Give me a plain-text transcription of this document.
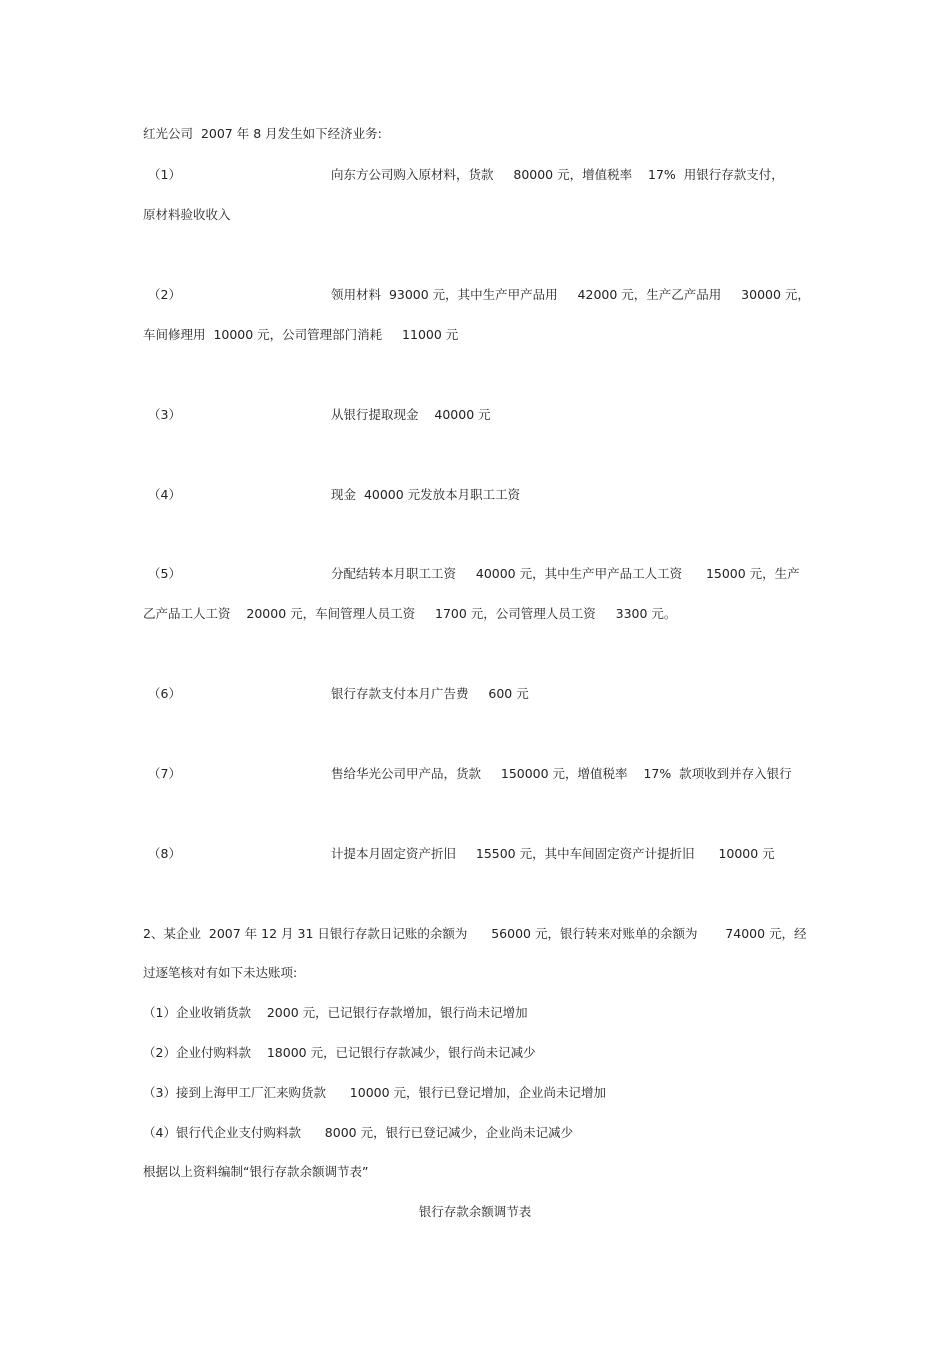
红光公司  2007 年 8 月发生如下经济业务:
（1）	向东方公司购入原材料，货款     80000 元，增值税率    17%  用银行存款支付，
原材料验收收入
（2）	领用材料  93000 元，其中生产甲产品用     42000 元，生产乙产品用     30000 元，
车间修理用  10000 元，公司管理部门消耗     11000 元
（3）	从银行提取现金    40000 元
（4）	现金  40000 元发放本月职工工资
（5）	分配结转本月职工工资     40000 元，其中生产甲产品工人工资      15000 元，生产
乙产品工人工资    20000 元，车间管理人员工资     1700 元，公司管理人员工资     3300 元。
（6）	银行存款支付本月广告费     600 元
（7）	售给华光公司甲产品，货款     150000 元，增值税率    17%  款项收到并存入银行
（8）	计提本月固定资产折旧     15500 元，其中车间固定资产计提折旧      10000 元
2、某企业  2007 年 12 月 31 日银行存款日记账的余额为      56000 元，银行转来对账单的余额为       74000 元，经
过逐笔核对有如下未达账项:
（1）企业收销货款    2000 元，已记银行存款增加，银行尚未记增加
（2）企业付购料款    18000 元，已记银行存款减少，银行尚未记减少
（3）接到上海甲工厂汇来购货款      10000 元，银行已登记增加，企业尚未记增加
（4）银行代企业支付购料款      8000 元，银行已登记减少，企业尚未记减少
根据以上资料编制“银行存款余额调节表”
银行存款余额调节表
